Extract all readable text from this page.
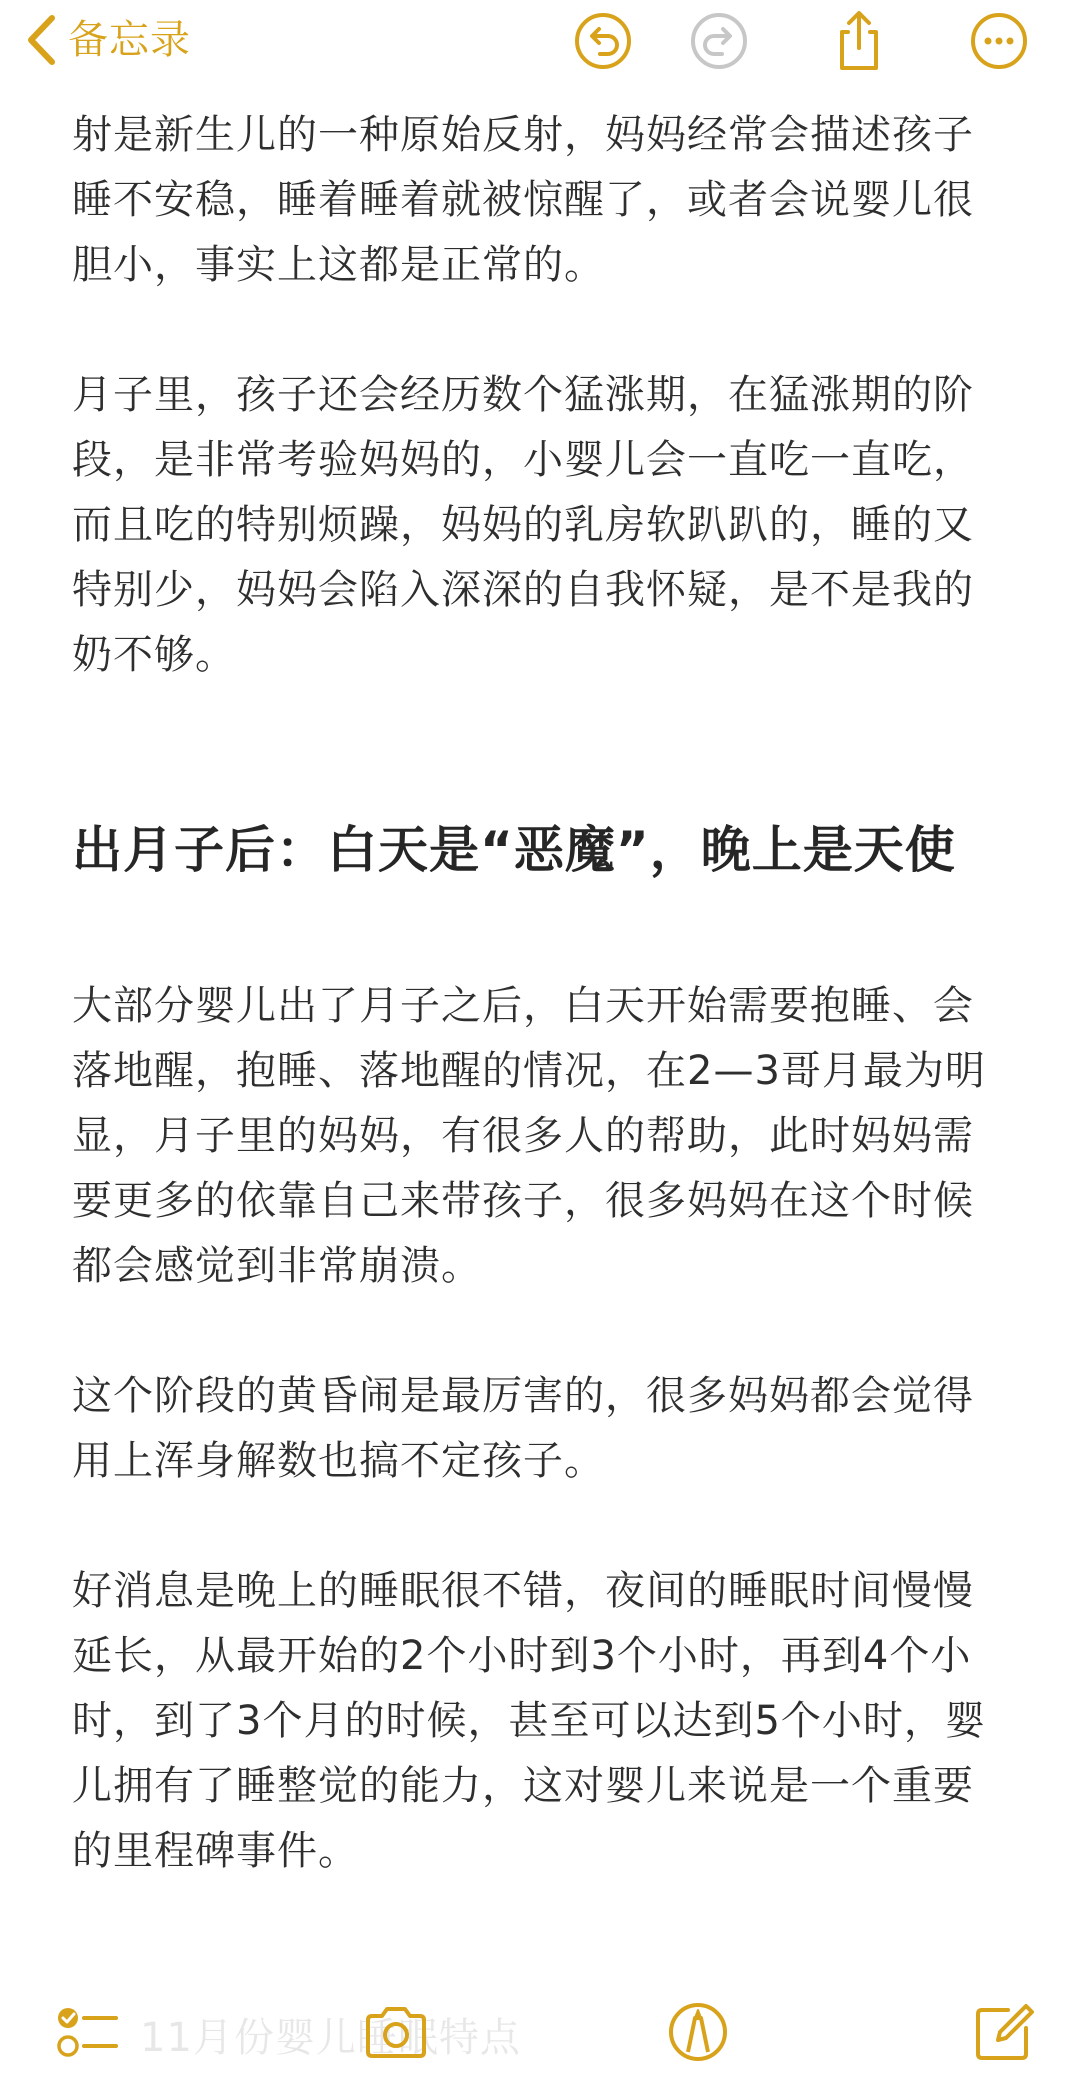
备忘录

射是新生儿的一种原始反射，妈妈经常会描述孩子睡不安稳，睡着睡着就被惊醒了，或者会说婴儿很胆小，事实上这都是正常的。

月子里，孩子还会经历数个猛涨期，在猛涨期的阶段，是非常考验妈妈的，小婴儿会一直吃一直吃，而且吃的特别烦躁，妈妈的乳房软趴趴的，睡的又特别少，妈妈会陷入深深的自我怀疑，是不是我的奶不够。

出月子后：白天是“恶魔”，晚上是天使

大部分婴儿出了月子之后，白天开始需要抱睡、会落地醒，抱睡、落地醒的情况，在2—3哥月最为明显，月子里的妈妈，有很多人的帮助，此时妈妈需要更多的依靠自己来带孩子，很多妈妈在这个时候都会感觉到非常崩溃。

这个阶段的黄昏闹是最厉害的，很多妈妈都会觉得用上浑身解数也搞不定孩子。

好消息是晚上的睡眠很不错，夜间的睡眠时间慢慢延长，从最开始的2个小时到3个小时，再到4个小时，到了3个月的时候，甚至可以达到5个小时，婴儿拥有了睡整觉的能力，这对婴儿来说是一个重要的里程碑事件。

11月份婴儿睡眠特点
